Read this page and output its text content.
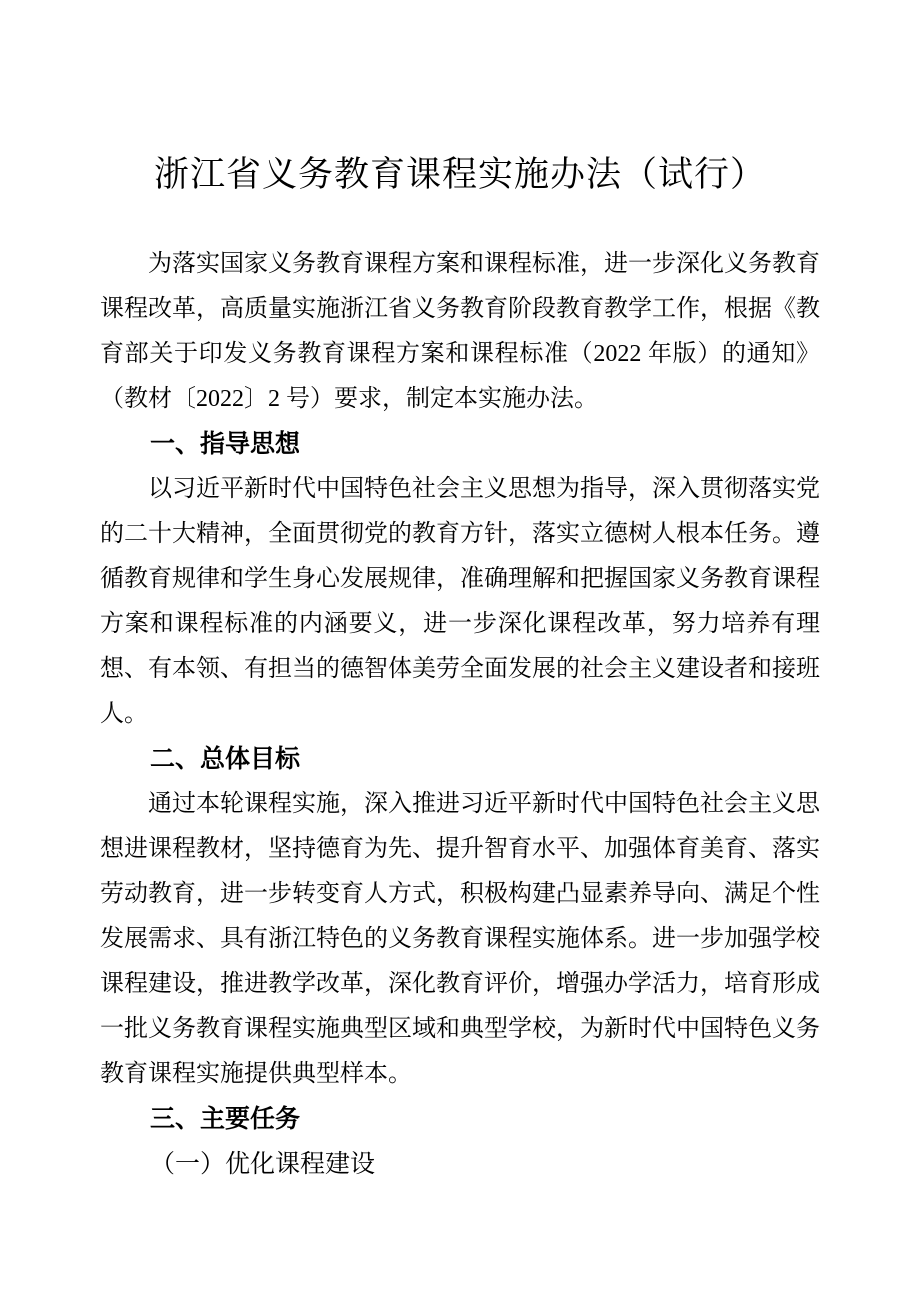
浙江省义务教育课程实施办法（试行）

为落实国家义务教育课程方案和课程标准，进一步深化义务教育课程改革，高质量实施浙江省义务教育阶段教育教学工作，根据《教育部关于印发义务教育课程方案和课程标准（2022 年版）的通知》（教材〔2022〕2 号）要求，制定本实施办法。

一、指导思想

以习近平新时代中国特色社会主义思想为指导，深入贯彻落实党的二十大精神，全面贯彻党的教育方针，落实立德树人根本任务。遵循教育规律和学生身心发展规律，准确理解和把握国家义务教育课程方案和课程标准的内涵要义，进一步深化课程改革，努力培养有理想、有本领、有担当的德智体美劳全面发展的社会主义建设者和接班人。

二、总体目标

通过本轮课程实施，深入推进习近平新时代中国特色社会主义思想进课程教材，坚持德育为先、提升智育水平、加强体育美育、落实劳动教育，进一步转变育人方式，积极构建凸显素养导向、满足个性发展需求、具有浙江特色的义务教育课程实施体系。进一步加强学校课程建设，推进教学改革，深化教育评价，增强办学活力，培育形成一批义务教育课程实施典型区域和典型学校，为新时代中国特色义务教育课程实施提供典型样本。

三、主要任务

（一）优化课程建设
